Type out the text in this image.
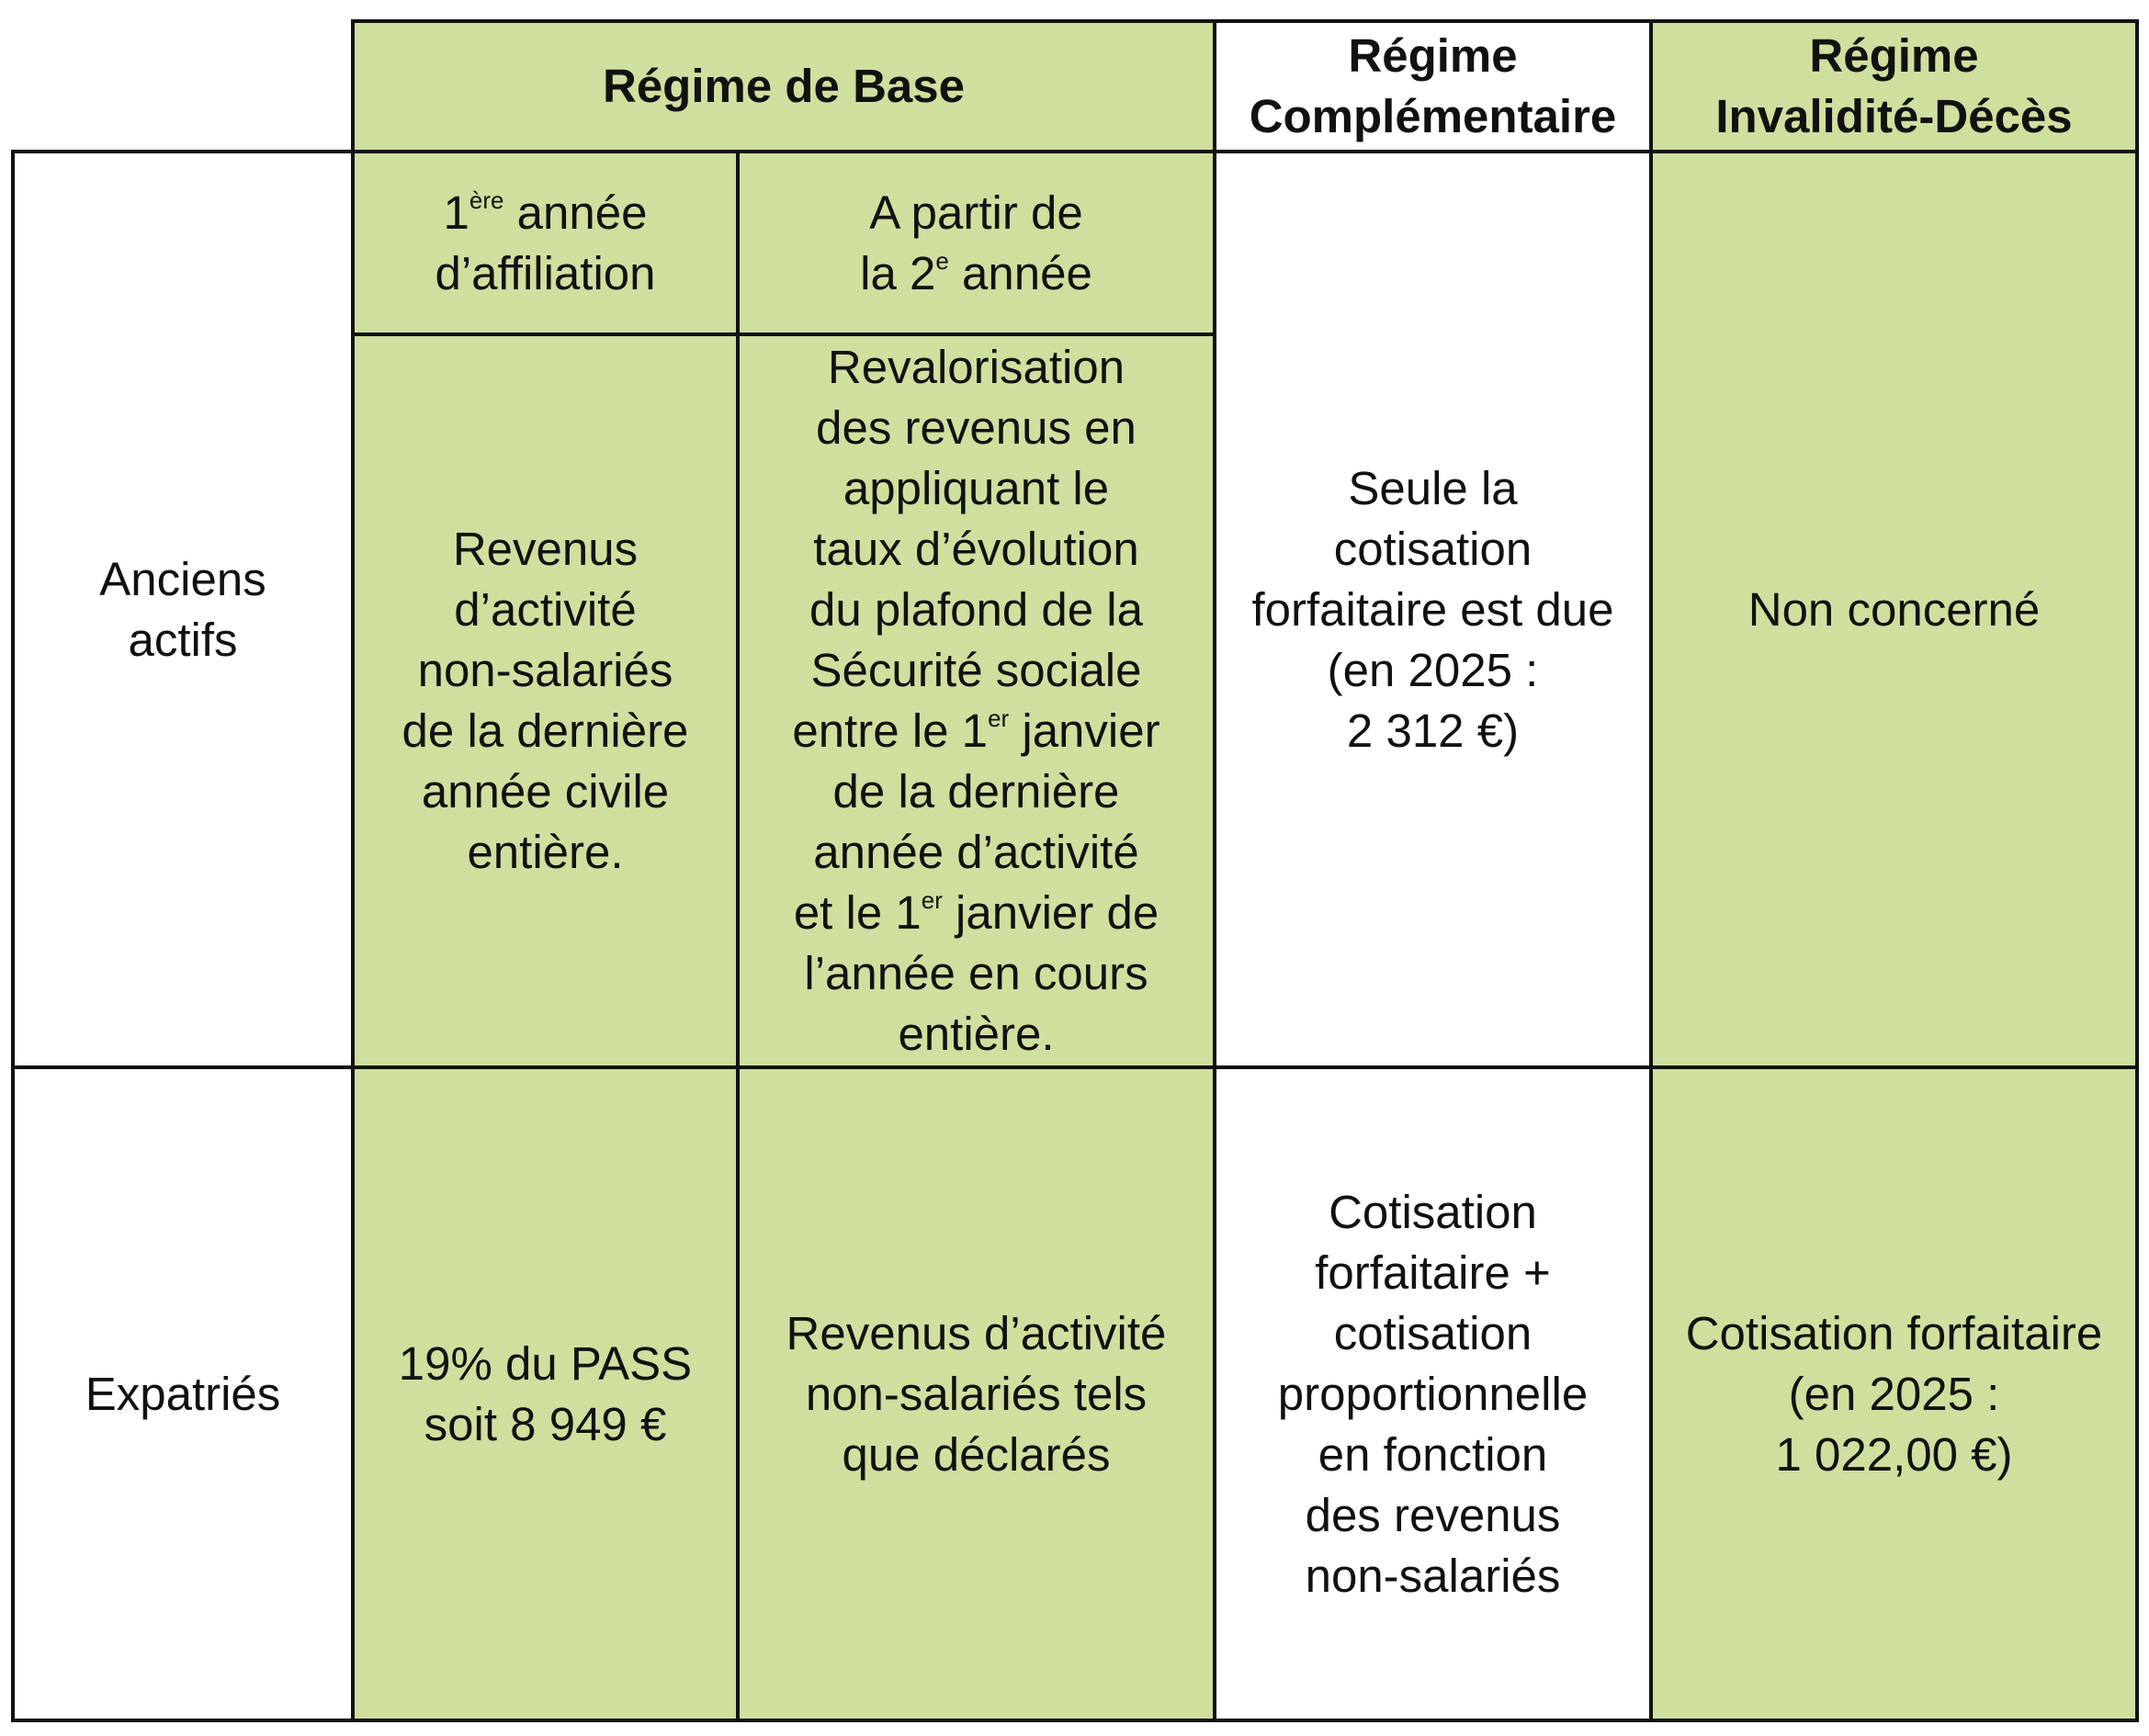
Régime de Base
Régime
Complémentaire
Régime
Invalidité-Décès
1ère année
d’affiliation
A partir de
la 2e année
Anciens
actifs
Revenus
d’activité
non-salariés
de la dernière
année civile
entière.
Revalorisation
des revenus en
appliquant le
taux d’évolution
du plafond de la
Sécurité sociale
entre le 1er janvier
de la dernière
année d’activité
et le 1er janvier de
l’année en cours
entière.
Seule la
cotisation
forfaitaire est due
(en 2025 :
2 312 €)
Non concerné
Expatriés
19% du PASS
soit 8 949 €
Revenus d’activité
non-salariés tels
que déclarés
Cotisation
forfaitaire +
cotisation
proportionnelle
en fonction
des revenus
non-salariés
Cotisation forfaitaire
(en 2025 :
1 022,00 €)
